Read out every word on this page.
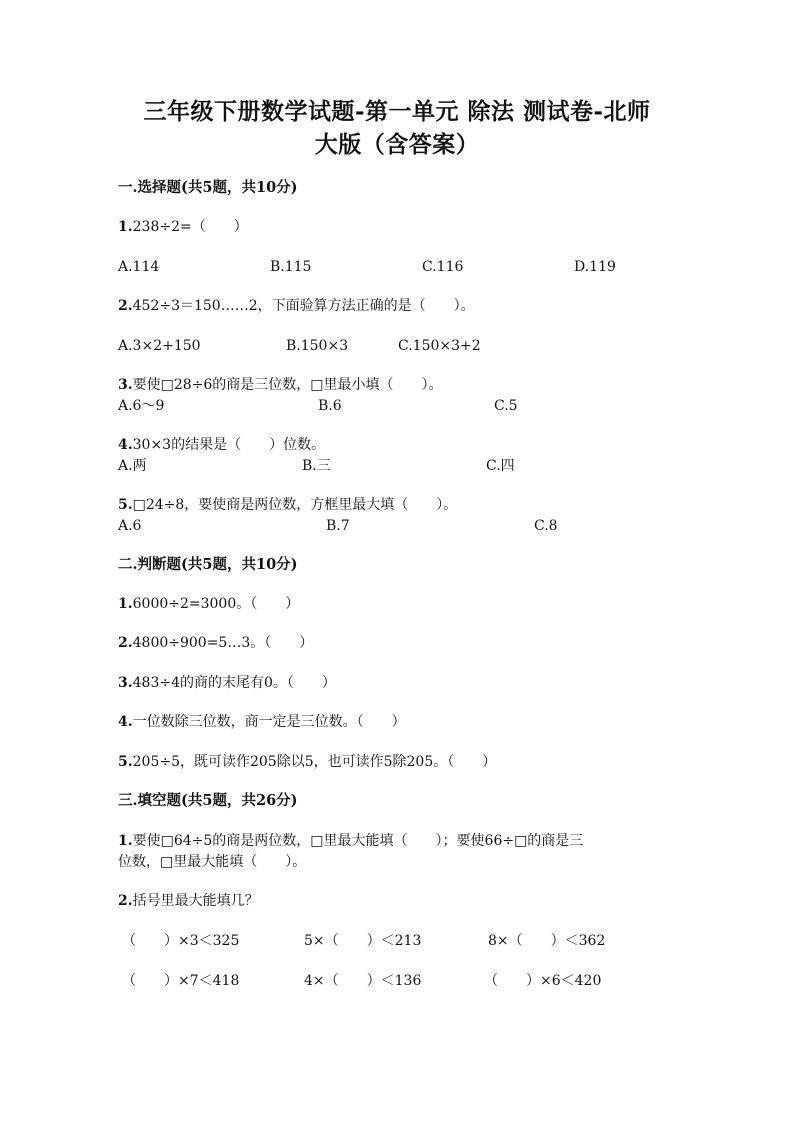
三年级下册数学试题-第一单元 除法 测试卷-北师
大版（含答案）
一.选择题(共5题，共10分)
1.238÷2=（　　）
A.114	B.115	C.116	D.119
2.452÷3＝150……2，下面验算方法正确的是（　　）。
A.3×2+150	B.150×3	C.150×3+2
3.要使□28÷6的商是三位数，□里最小填（　　）。
A.6～9	B.6	C.5
4.30×3的结果是（　　）位数。
A.两	B.三	C.四
5.□24÷8，要使商是两位数，方框里最大填（　　）。
A.6	B.7	C.8
二.判断题(共5题，共10分)
1.6000÷2=3000。（　　）
2.4800÷900=5…3。（　　）
3.483÷4的商的末尾有0。（　　）
4.一位数除三位数，商一定是三位数。（　　）
5.205÷5，既可读作205除以5，也可读作5除205。（　　）
三.填空题(共5题，共26分)
1.要使□64÷5的商是两位数，□里最大能填（　　）；要使66÷□的商是三
位数，□里最大能填（　　）。
2.括号里最大能填几？
（　　）×3＜325	5×（　　）＜213	8×（　　）＜362
（　　）×7＜418	4×（　　）＜136	（　　）×6＜420
